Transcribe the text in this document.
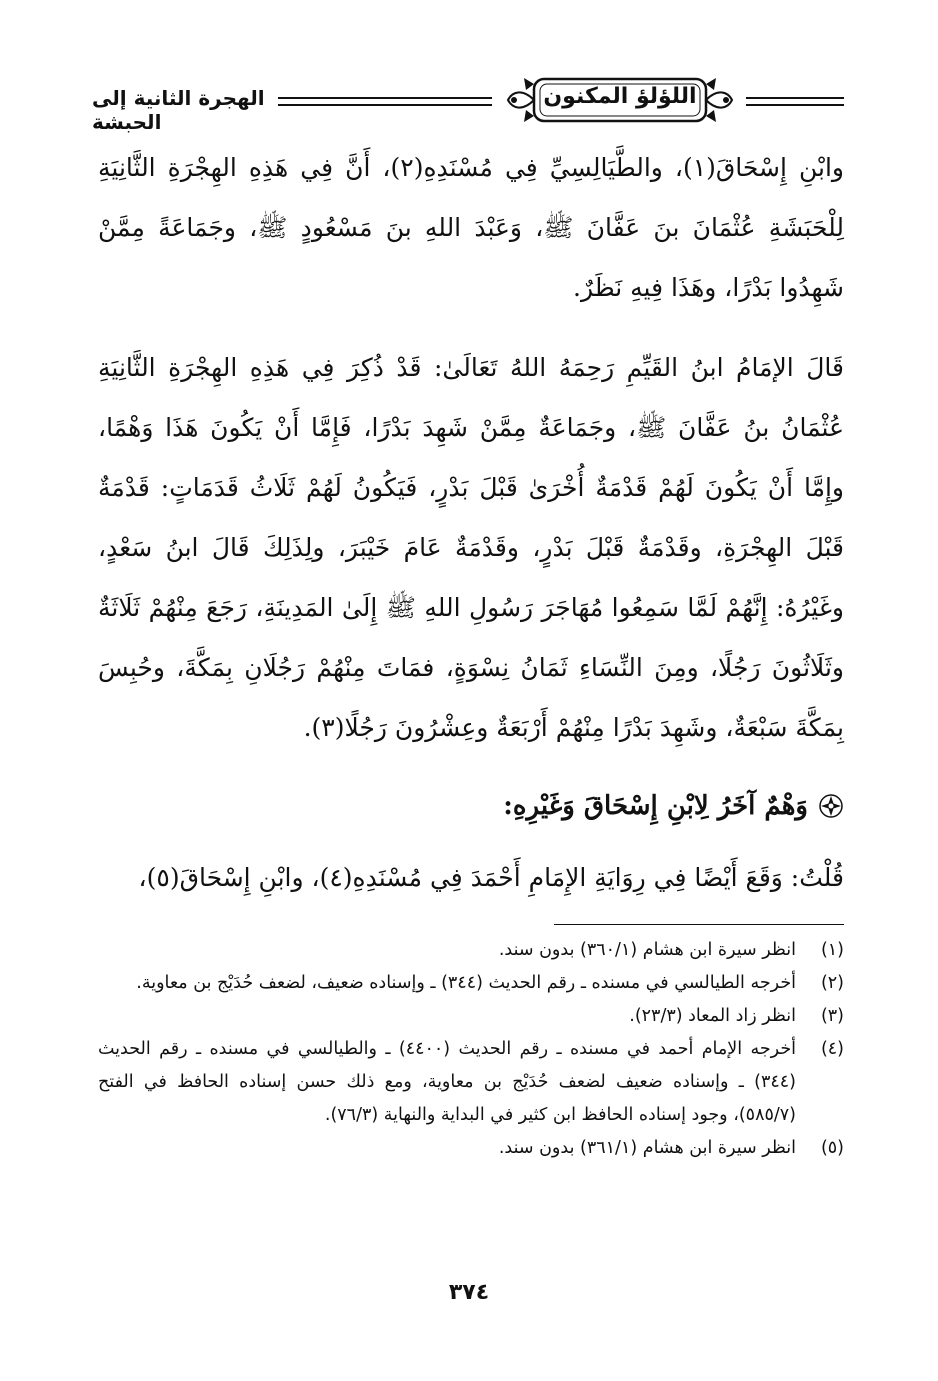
اللؤلؤ المكنون
الهجرة الثانية إلى الحبشة

وابْنِ إِسْحَاقَ(١)، والطَّيَالِسِيِّ فِي مُسْنَدِهِ(٢)، أَنَّ فِي هَذِهِ الهِجْرَةِ الثَّانِيَةِ لِلْحَبَشَةِ عُثْمَانَ بنَ عَفَّانَ ﷺ، وَعَبْدَ اللهِ بنَ مَسْعُودٍ ﷺ، وجَمَاعَةً مِمَّنْ شَهِدُوا بَدْرًا، وهَذَا فِيهِ نَظَرٌ.

قَالَ الإمَامُ ابنُ القَيِّمِ رَحِمَهُ اللهُ تَعَالَىٰ: قَدْ ذُكِرَ فِي هَذِهِ الهِجْرَةِ الثَّانِيَةِ عُثْمَانُ بنُ عَفَّانَ ﷺ، وجَمَاعَةٌ مِمَّنْ شَهِدَ بَدْرًا، فَإِمَّا أَنْ يَكُونَ هَذَا وَهْمًا، وإِمَّا أَنْ يَكُونَ لَهُمْ قَدْمَةٌ أُخْرَىٰ قَبْلَ بَدْرٍ، فَيَكُونُ لَهُمْ ثَلَاثُ قَدَمَاتٍ: قَدْمَةٌ قَبْلَ الهِجْرَةِ، وقَدْمَةٌ قَبْلَ بَدْرٍ، وقَدْمَةٌ عَامَ خَيْبَرَ، ولِذَلِكَ قَالَ ابنُ سَعْدٍ، وغَيْرُهُ: إِنَّهُمْ لَمَّا سَمِعُوا مُهَاجَرَ رَسُولِ اللهِ ﷺ إِلَىٰ المَدِينَةِ، رَجَعَ مِنْهُمْ ثَلَاثَةٌ وثَلَاثُونَ رَجُلًا، ومِنَ النِّسَاءِ ثَمَانُ نِسْوَةٍ، فمَاتَ مِنْهُمْ رَجُلَانِ بِمَكَّةَ، وحُبِسَ بِمَكَّةَ سَبْعَةٌ، وشَهِدَ بَدْرًا مِنْهُمْ أَرْبَعَةٌ وعِشْرُونَ رَجُلًا(٣).

وَهْمٌ آخَرُ لِابْنِ إِسْحَاقَ وَغَيْرِهِ:

قُلْتُ: وَقَعَ أَيْضًا فِي رِوَايَةِ الإِمَامِ أَحْمَدَ فِي مُسْنَدِهِ(٤)، وابْنِ إِسْحَاقَ(٥)،

(١)
انظر سيرة ابن هشام (٣٦٠/١) بدون سند.
(٢)
أخرجه الطيالسي في مسنده ـ رقم الحديث (٣٤٤) ـ وإسناده ضعيف، لضعف حُدَيْج بن معاوية.
(٣)
انظر زاد المعاد (٢٣/٣).
(٤)
أخرجه الإمام أحمد في مسنده ـ رقم الحديث (٤٤٠٠) ـ والطيالسي في مسنده ـ رقم الحديث (٣٤٤) ـ وإسناده ضعيف لضعف حُدَيْج بن معاوية، ومع ذلك حسن إسناده الحافظ في الفتح (٥٨٥/٧)، وجود إسناده الحافظ ابن كثير في البداية والنهاية (٧٦/٣).
(٥)
انظر سيرة ابن هشام (٣٦١/١) بدون سند.
٣٧٤
